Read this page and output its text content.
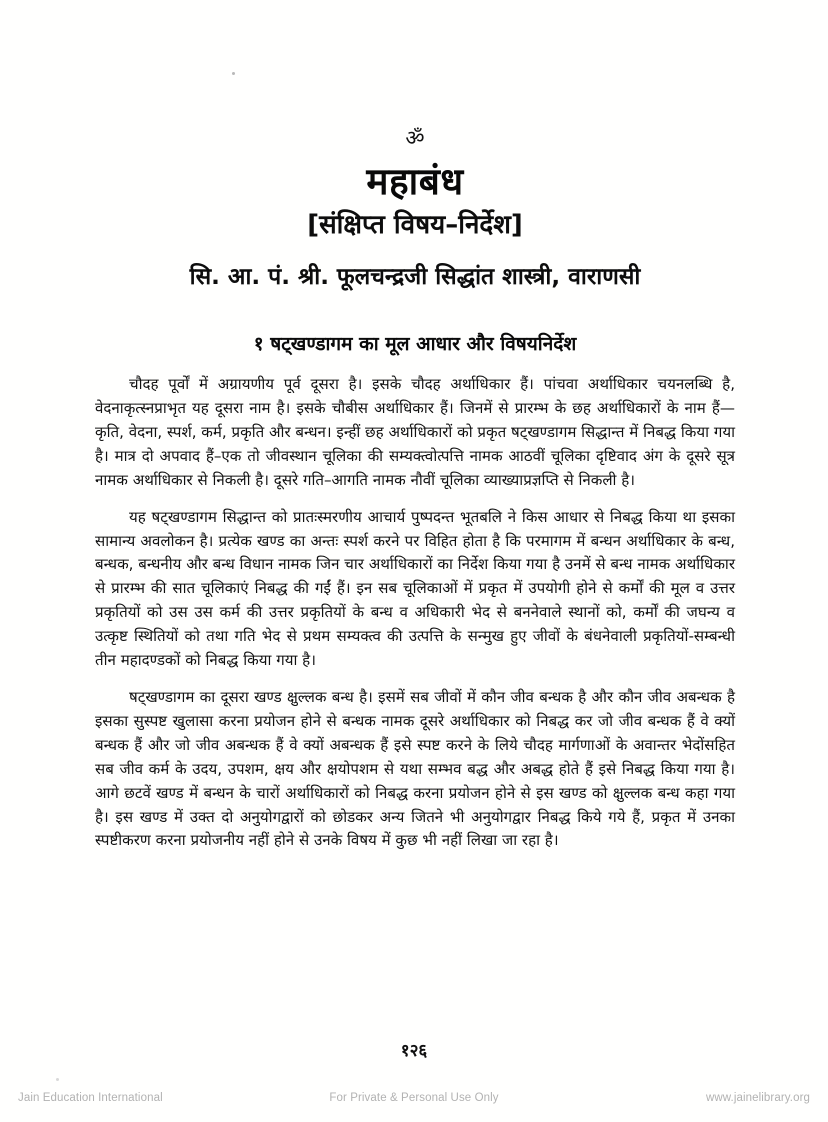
ॐ
महाबंध
[संक्षिप्त विषय–निर्देश]
सि. आ. पं. श्री. फूलचन्द्रजी सिद्धांत शास्त्री, वाराणसी
१ षट्खण्डागम का मूल आधार और विषयनिर्देश

चौदह पूर्वों में अग्रायणीय पूर्व दूसरा है। इसके चौदह अर्थाधिकार हैं। पांचवा अर्थाधिकार चयनलब्धि है, वेदनाकृत्स्नप्राभृत यह दूसरा नाम है। इसके चौबीस अर्थाधिकार हैं। जिनमें से प्रारम्भ के छह अर्थाधिकारों के नाम हैं—कृति, वेदना, स्पर्श, कर्म, प्रकृति और बन्धन। इन्हीं छह अर्थाधिकारों को प्रकृत षट्खण्डागम सिद्धान्त में निबद्ध किया गया है। मात्र दो अपवाद हैं–एक तो जीवस्थान चूलिका की सम्यक्त्वोत्पत्ति नामक आठवीं चूलिका दृष्टिवाद अंग के दूसरे सूत्र नामक अर्थाधिकार से निकली है। दूसरे गति–आगति नामक नौवीं चूलिका व्याख्याप्रज्ञप्ति से निकली है।

यह षट्खण्डागम सिद्धान्त को प्रातःस्मरणीय आचार्य पुष्पदन्त भूतबलि ने किस आधार से निबद्ध किया था इसका सामान्य अवलोकन है। प्रत्येक खण्ड का अन्तः स्पर्श करने पर विहित होता है कि परमागम में बन्धन अर्थाधिकार के बन्ध, बन्धक, बन्धनीय और बन्ध विधान नामक जिन चार अर्थाधिकारों का निर्देश किया गया है उनमें से बन्ध नामक अर्थाधिकार से प्रारम्भ की सात चूलिकाएं निबद्ध की गईं हैं। इन सब चूलिकाओं में प्रकृत में उपयोगी होने से कर्मों की मूल व उत्तर प्रकृतियों को उस उस कर्म की उत्तर प्रकृतियों के बन्ध व अधिकारी भेद से बननेवाले स्थानों को, कर्मों की जघन्य व उत्कृष्ट स्थितियों को तथा गति भेद से प्रथम सम्यक्त्व की उत्पत्ति के सन्मुख हुए जीवों के बंधनेवाली प्रकृतियों-सम्बन्धी तीन महादण्डकों को निबद्ध किया गया है।

षट्खण्डागम का दूसरा खण्ड क्षुल्लक बन्ध है। इसमें सब जीवों में कौन जीव बन्धक है और कौन जीव अबन्धक है इसका सुस्पष्ट खुलासा करना प्रयोजन होने से बन्धक नामक दूसरे अर्थाधिकार को निबद्ध कर जो जीव बन्धक हैं वे क्यों बन्धक हैं और जो जीव अबन्धक हैं वे क्यों अबन्धक हैं इसे स्पष्ट करने के लिये चौदह मार्गणाओं के अवान्तर भेदोंसहित सब जीव कर्म के उदय, उपशम, क्षय और क्षयोपशम से यथा सम्भव बद्ध और अबद्ध होते हैं इसे निबद्ध किया गया है। आगे छटवें खण्ड में बन्धन के चारों अर्थाधिकारों को निबद्ध करना प्रयोजन होने से इस खण्ड को क्षुल्लक बन्ध कहा गया है। इस खण्ड में उक्त दो अनुयोगद्वारों को छोडकर अन्य जितने भी अनुयोगद्वार निबद्ध किये गये हैं, प्रकृत में उनका स्पष्टीकरण करना प्रयोजनीय नहीं होने से उनके विषय में कुछ भी नहीं लिखा जा रहा है।

१२६
Jain Education International	For Private & Personal Use Only	www.jainelibrary.org
